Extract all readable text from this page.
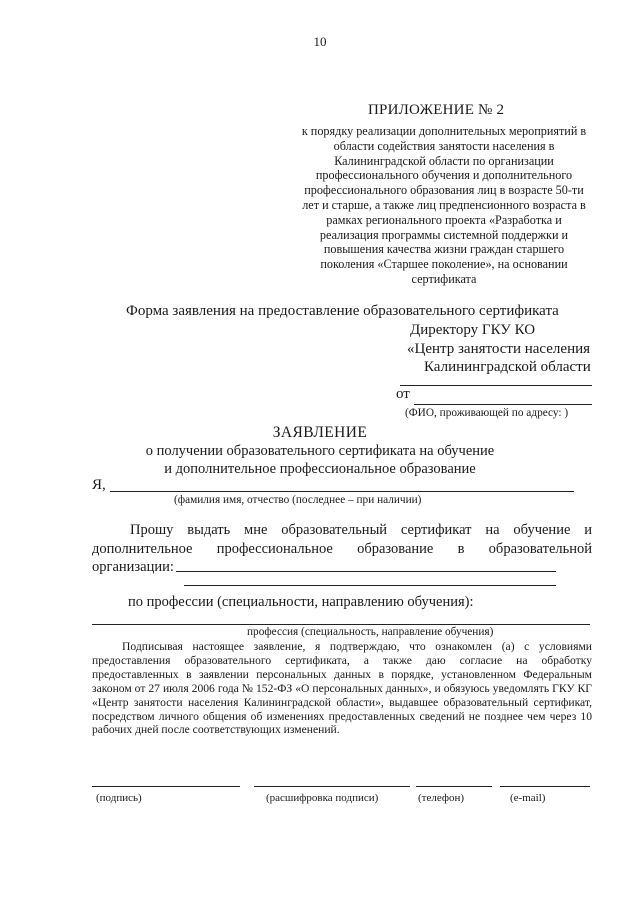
10
ПРИЛОЖЕНИЕ № 2
к порядку реализации дополнительных мероприятий в
области содействия занятости населения в
Калининградской области по организации
профессионального обучения и дополнительного
профессионального образования лиц в возрасте 50-ти
лет и старше, а также лиц предпенсионного возраста в
рамках регионального проекта «Разработка и
реализация программы системной поддержки и
повышения качества жизни граждан старшего
поколения «Старшее поколение», на основании
сертификата
Форма заявления на предоставление образовательного сертификата
Директору ГКУ КО
«Центр занятости населения
Калининградской области
от
(ФИО, проживающей по адресу: )
ЗАЯВЛЕНИЕ
о получении образовательного сертификата на обучение
и дополнительное профессиональное образование
Я,
(фамилия имя, отчество (последнее – при наличии)
Прошу выдать мне образовательный сертификат на обучение и дополнительное профессиональное образование в образовательной организации:
по профессии (специальности, направлению обучения):
профессия (специальность, направление обучения)
Подписывая настоящее заявление, я подтверждаю, что ознакомлен (а) с условиями предоставления образовательного сертификата, а также даю согласие на обработку предоставленных в заявлении персональных данных в порядке, установленном Федеральным законом от 27 июля 2006 года № 152-ФЗ «О персональных данных», и обязуюсь уведомлять ГКУ КГ «Центр занятости населения Калининградской области», выдавшее образовательный сертификат, посредством личного общения об изменениях предоставленных сведений не позднее чем через 10 рабочих дней после соответствующих изменений.
(подпись)	(расшифровка подписи)	(телефон)	(e-mail)
